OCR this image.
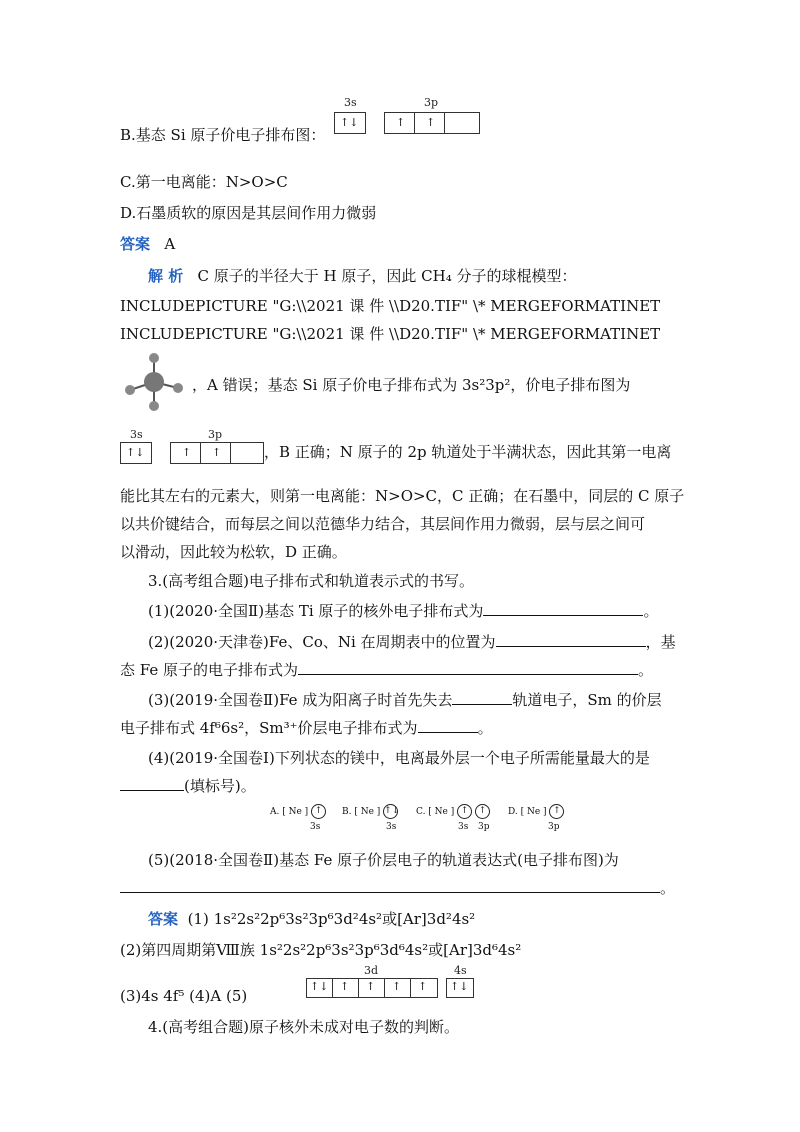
B.基态 Si 原子价电子排布图：
3s
↑↓
3p
↑ ↑
C.第一电离能：N>O>C
D.石墨质软的原因是其层间作用力微弱
答案 A
解 析 C 原子的半径大于 H 原子，因此 CH₄ 分子的球棍模型：
INCLUDEPICTURE "G:\\2021 课 件 \\D20.TIF" \* MERGEFORMATINET
INCLUDEPICTURE "G:\\2021 课 件 \\D20.TIF" \* MERGEFORMATINET
，A 错误；基态 Si 原子价电子排布式为 3s²3p²，价电子排布图为
3s
↑↓
3p
↑ ↑	，B 正确；N 原子的 2p 轨道处于半满状态，因此其第一电离
能比其左右的元素大，则第一电离能：N>O>C，C 正确；在石墨中，同层的 C 原子
以共价键结合，而每层之间以范德华力结合，其层间作用力微弱，层与层之间可
以滑动，因此较为松软，D 正确。
3.(高考组合题)电子排布式和轨道表示式的书写。
(1)(2020·全国Ⅱ)基态 Ti 原子的核外电子排布式为	。
(2)(2020·天津卷)Fe、Co、Ni 在周期表中的位置为	，基
态 Fe 原子的电子排布式为	。
(3)(2019·全国卷Ⅱ)Fe 成为阳离子时首先失去	轨道电子，Sm 的价层
电子排布式 4f⁶6s²，Sm³⁺价层电子排布式为	。
(4)(2019·全国卷Ⅰ)下列状态的镁中，电离最外层一个电子所需能量最大的是
(填标号)。
A. [ Ne ] ↑
3s
B. [ Ne ] ↑↓
3s
C. [ Ne ] ↑ ↑
3s 3p
D. [ Ne ] ↑
3p
(5)(2018·全国卷Ⅱ)基态 Fe 原子价层电子的轨道表达式(电子排布图)为
。
答案 (1) 1s²2s²2p⁶3s²3p⁶3d²4s²或[Ar]3d²4s²
(2)第四周期第Ⅷ族 1s²2s²2p⁶3s²3p⁶3d⁶4s²或[Ar]3d⁶4s²
(3)4s 4f⁵ (4)A (5)
3d
↑↓ ↑ ↑ ↑ ↑
4s
↑↓
4.(高考组合题)原子核外未成对电子数的判断。
